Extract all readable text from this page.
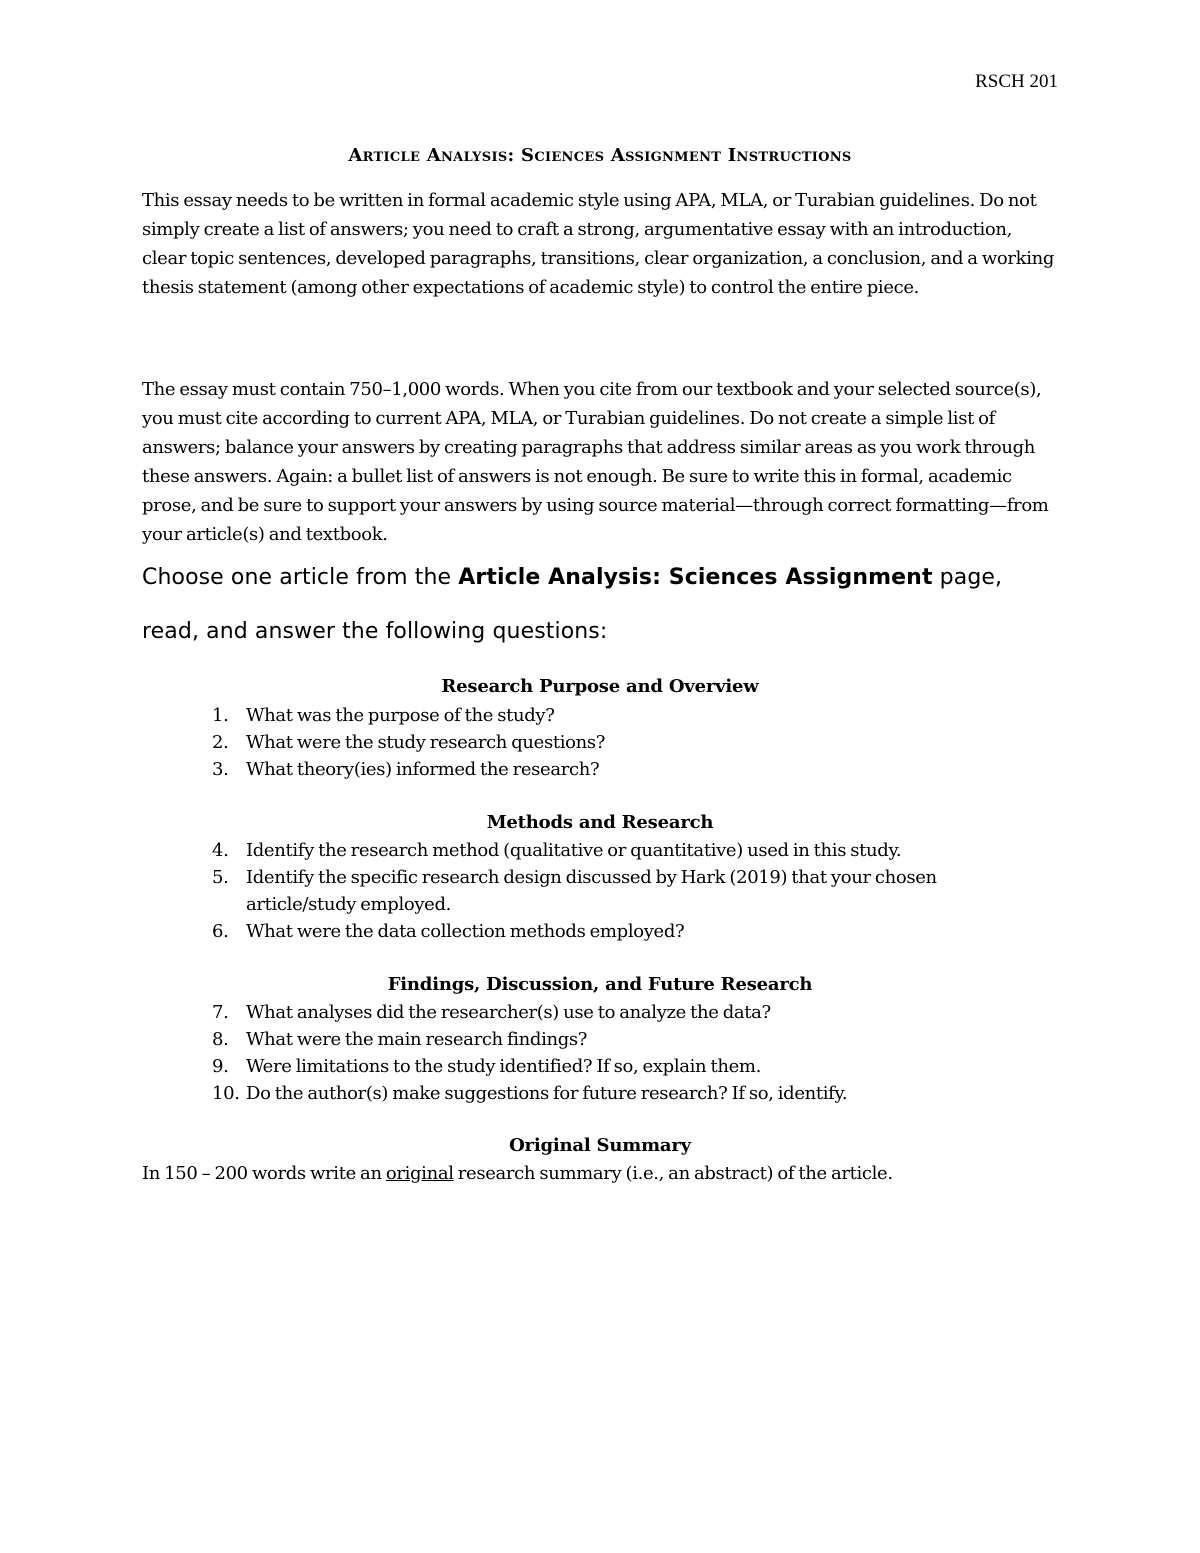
RSCH 201
Article Analysis: Sciences Assignment Instructions
This essay needs to be written in formal academic style using APA, MLA, or Turabian guidelines. Do not simply create a list of answers; you need to craft a strong, argumentative essay with an introduction, clear topic sentences, developed paragraphs, transitions, clear organization, a conclusion, and a working thesis statement (among other expectations of academic style) to control the entire piece.
The essay must contain 750–1,000 words. When you cite from our textbook and your selected source(s), you must cite according to current APA, MLA, or Turabian guidelines. Do not create a simple list of answers; balance your answers by creating paragraphs that address similar areas as you work through these answers. Again: a bullet list of answers is not enough. Be sure to write this in formal, academic prose, and be sure to support your answers by using source material—through correct formatting—from your article(s) and textbook.
Choose one article from the Article Analysis: Sciences Assignment page,
read, and answer the following questions:
Research Purpose and Overview
1. What was the purpose of the study?
2. What were the study research questions?
3. What theory(ies) informed the research?
Methods and Research
4. Identify the research method (qualitative or quantitative) used in this study.
5. Identify the specific research design discussed by Hark (2019) that your chosen article/study employed.
6. What were the data collection methods employed?
Findings, Discussion, and Future Research
7. What analyses did the researcher(s) use to analyze the data?
8. What were the main research findings?
9. Were limitations to the study identified? If so, explain them.
10. Do the author(s) make suggestions for future research? If so, identify.
Original Summary
In 150 – 200 words write an original research summary (i.e., an abstract) of the article.
